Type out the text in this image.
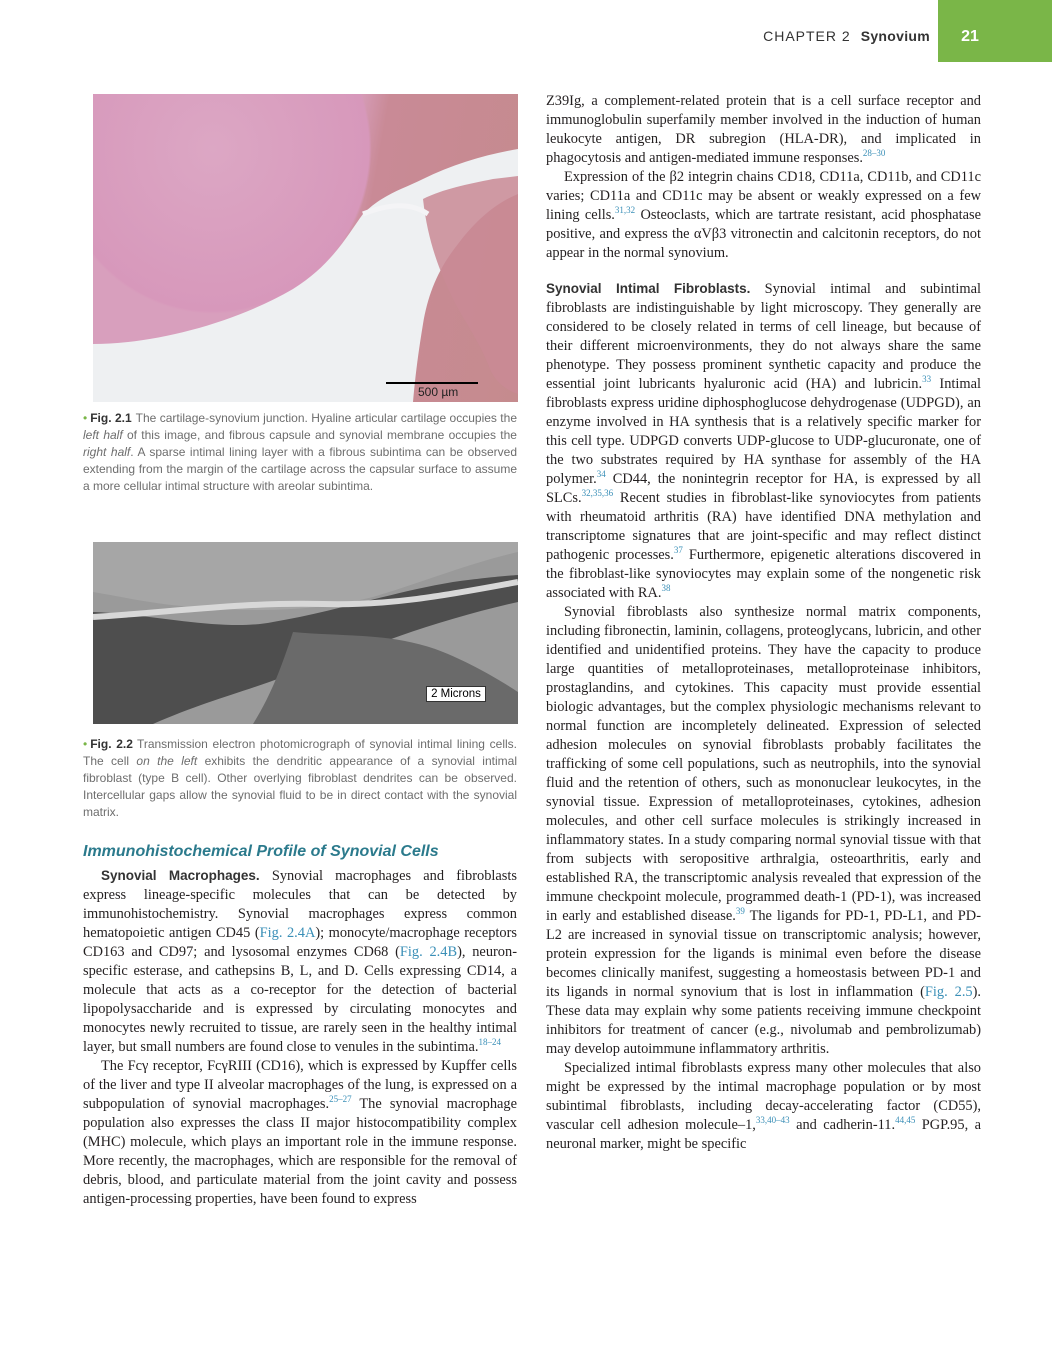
CHAPTER 2 Synovium	21
500 µm
• Fig. 2.1 The cartilage-synovium junction. Hyaline articular cartilage occupies the left half of this image, and fibrous capsule and synovial membrane occupies the right half. A sparse intimal lining layer with a fibrous subintima can be observed extending from the margin of the cartilage across the capsular surface to assume a more cellular intimal structure with areolar subintima.
2 Microns
• Fig. 2.2 Transmission electron photomicrograph of synovial intimal lining cells. The cell on the left exhibits the dendritic appearance of a synovial intimal fibroblast (type B cell). Other overlying fibroblast dendrites can be observed. Intercellular gaps allow the synovial fluid to be in direct contact with the synovial matrix.
Immunohistochemical Profile of Synovial Cells

Synovial Macrophages. Synovial macrophages and fibroblasts express lineage-specific molecules that can be detected by immunohistochemistry. Synovial macrophages express common hematopoietic antigen CD45 (Fig. 2.4A); monocyte/macrophage receptors CD163 and CD97; and lysosomal enzymes CD68 (Fig. 2.4B), neuron-specific esterase, and cathepsins B, L, and D. Cells expressing CD14, a molecule that acts as a co-receptor for the detection of bacterial lipopolysaccharide and is expressed by circulating monocytes and monocytes newly recruited to tissue, are rarely seen in the healthy intimal layer, but small numbers are found close to venules in the subintima.$^{18-24}$

The Fcγ receptor, FcγRIII (CD16), which is expressed by Kupffer cells of the liver and type II alveolar macrophages of the lung, is expressed on a subpopulation of synovial macrophages.$^{25-27}$ The synovial macrophage population also expresses the class II major histocompatibility complex (MHC) molecule, which plays an important role in the immune response. More recently, the macrophages, which are responsible for the removal of debris, blood, and particulate material from the joint cavity and possess antigen-processing properties, have been found to express

Z39Ig, a complement-related protein that is a cell surface receptor and immunoglobulin superfamily member involved in the induction of human leukocyte antigen, DR subregion (HLA-DR), and implicated in phagocytosis and antigen-mediated immune responses.$^{28-30}$

Expression of the β2 integrin chains CD18, CD11a, CD11b, and CD11c varies; CD11a and CD11c may be absent or weakly expressed on a few lining cells.$^{31,32}$ Osteoclasts, which are tartrate resistant, acid phosphatase positive, and express the αVβ3 vitronectin and calcitonin receptors, do not appear in the normal synovium.

Synovial Intimal Fibroblasts. Synovial intimal and subintimal fibroblasts are indistinguishable by light microscopy. They generally are considered to be closely related in terms of cell lineage, but because of their different microenvironments, they do not always share the same phenotype. They possess prominent synthetic capacity and produce the essential joint lubricants hyaluronic acid (HA) and lubricin.$^{33}$ Intimal fibroblasts express uridine diphosphoglucose dehydrogenase (UDPGD), an enzyme involved in HA synthesis that is a relatively specific marker for this cell type. UDPGD converts UDP-glucose to UDP-glucuronate, one of the two substrates required by HA synthase for assembly of the HA polymer.$^{34}$ CD44, the nonintegrin receptor for HA, is expressed by all SLCs.$^{32,35,36}$ Recent studies in fibroblast-like synoviocytes from patients with rheumatoid arthritis (RA) have identified DNA methylation and transcriptome signatures that are joint-specific and may reflect distinct pathogenic processes.$^{37}$ Furthermore, epigenetic alterations discovered in the fibroblast-like synoviocytes may explain some of the nongenetic risk associated with RA.$^{38}$

Synovial fibroblasts also synthesize normal matrix components, including fibronectin, laminin, collagens, proteoglycans, lubricin, and other identified and unidentified proteins. They have the capacity to produce large quantities of metalloproteinases, metalloproteinase inhibitors, prostaglandins, and cytokines. This capacity must provide essential biologic advantages, but the complex physiologic mechanisms relevant to normal function are incompletely delineated. Expression of selected adhesion molecules on synovial fibroblasts probably facilitates the trafficking of some cell populations, such as neutrophils, into the synovial fluid and the retention of others, such as mononuclear leukocytes, in the synovial tissue. Expression of metalloproteinases, cytokines, adhesion molecules, and other cell surface molecules is strikingly increased in inflammatory states. In a study comparing normal synovial tissue with that from subjects with seropositive arthralgia, osteoarthritis, early and established RA, the transcriptomic analysis revealed that expression of the immune checkpoint molecule, programmed death-1 (PD-1), was increased in early and established disease.$^{39}$ The ligands for PD-1, PD-L1, and PD-L2 are increased in synovial tissue on transcriptomic analysis; however, protein expression for the ligands is minimal even before the disease becomes clinically manifest, suggesting a homeostasis between PD-1 and its ligands in normal synovium that is lost in inflammation (Fig. 2.5). These data may explain why some patients receiving immune checkpoint inhibitors for treatment of cancer (e.g., nivolumab and pembrolizumab) may develop autoimmune inflammatory arthritis.

Specialized intimal fibroblasts express many other molecules that also might be expressed by the intimal macrophage population or by most subintimal fibroblasts, including decay-accelerating factor (CD55), vascular cell adhesion molecule–1,$^{33,40-43}$ and cadherin-11.$^{44,45}$ PGP.95, a neuronal marker, might be specific
